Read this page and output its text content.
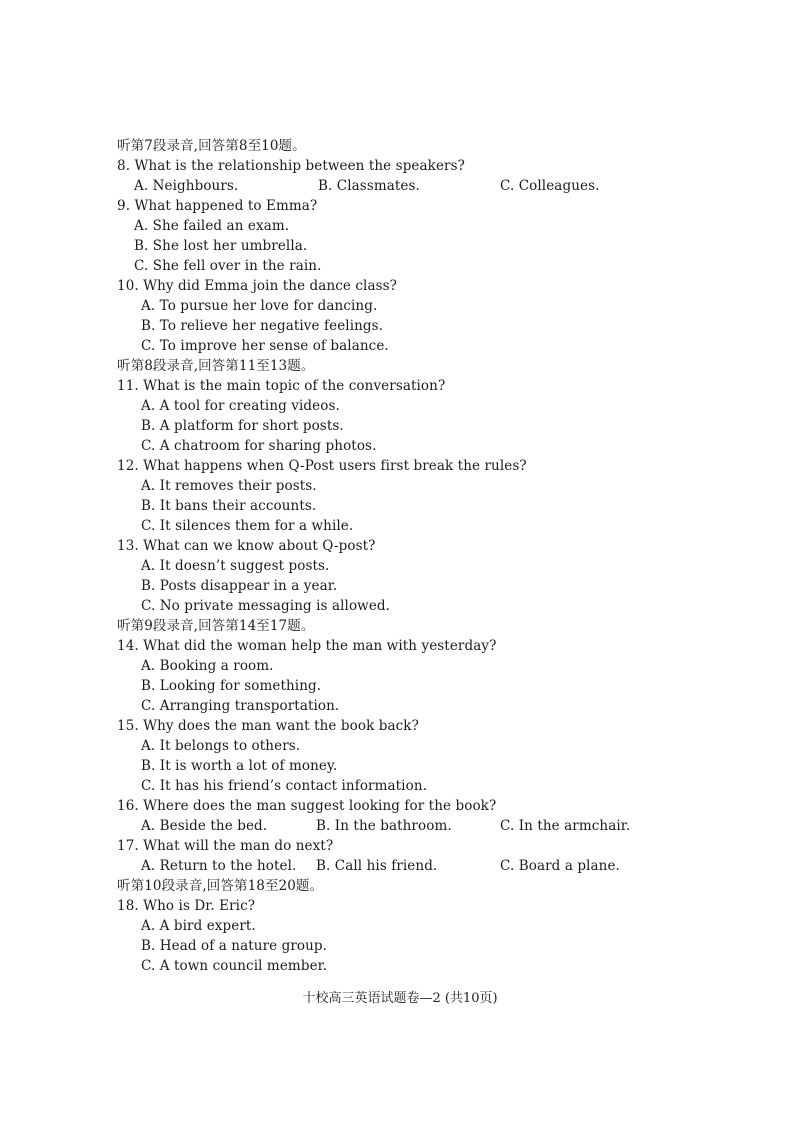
听第7段录音,回答第8至10题。
8. What is the relationship between the speakers?
A. Neighbours.	B. Classmates.	C. Colleagues.
9. What happened to Emma?
A. She failed an exam.
B. She lost her umbrella.
C. She fell over in the rain.
10. Why did Emma join the dance class?
A. To pursue her love for dancing.
B. To relieve her negative feelings.
C. To improve her sense of balance.
听第8段录音,回答第11至13题。
11. What is the main topic of the conversation?
A. A tool for creating videos.
B. A platform for short posts.
C. A chatroom for sharing photos.
12. What happens when Q-Post users first break the rules?
A. It removes their posts.
B. It bans their accounts.
C. It silences them for a while.
13. What can we know about Q-post?
A. It doesn’t suggest posts.
B. Posts disappear in a year.
C. No private messaging is allowed.
听第9段录音,回答第14至17题。
14. What did the woman help the man with yesterday?
A. Booking a room.
B. Looking for something.
C. Arranging transportation.
15. Why does the man want the book back?
A. It belongs to others.
B. It is worth a lot of money.
C. It has his friend’s contact information.
16. Where does the man suggest looking for the book?
A. Beside the bed.	B. In the bathroom.	C. In the armchair.
17. What will the man do next?
A. Return to the hotel. B. Call his friend.	C. Board a plane.
听第10段录音,回答第18至20题。
18. Who is Dr. Eric?
A. A bird expert.
B. Head of a nature group.
C. A town council member.
十校高三英语试题卷—2 (共10页)
